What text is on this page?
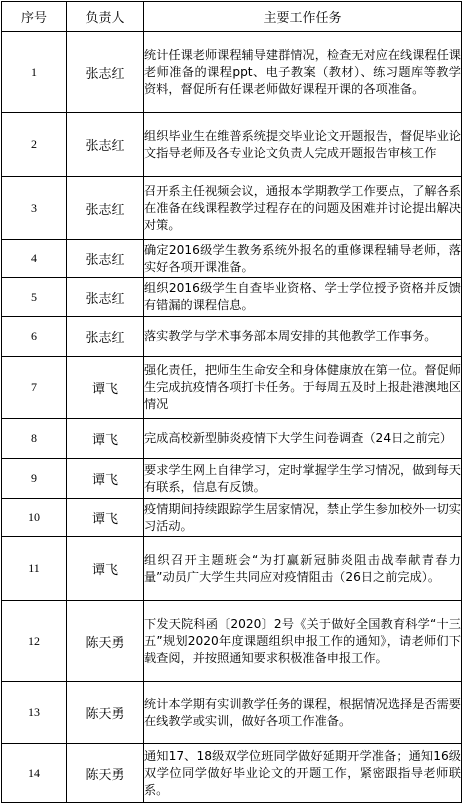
序号	负责人	主要工作任务
1	张志红	统计任课老师课程辅导建群情况，检查无对应在线课程任课老师准备的课程ppt、电子教案（教材）、练习题库等教学资料，督促所有任课老师做好课程开课的各项准备。
2	张志红	组织毕业生在维普系统提交毕业论文开题报告，督促毕业论文指导老师及各专业论文负责人完成开题报告审核工作
3	张志红	召开系主任视频会议，通报本学期教学工作要点，了解各系在准备在线课程教学过程存在的问题及困难并讨论提出解决对策。
4	张志红	确定2016级学生教务系统外报名的重修课程辅导老师，落实好各项开课准备。
5	张志红	组织2016级学生自查毕业资格、学士学位授予资格并反馈有错漏的课程信息。
6	张志红	落实教学与学术事务部本周安排的其他教学工作事务。
7	谭飞	强化责任，把师生生命安全和身体健康放在第一位。督促师生完成抗疫情各项打卡任务。于每周五及时上报赴港澳地区情况
8	谭飞	完成高校新型肺炎疫情下大学生问卷调查（24日之前完）
9	谭飞	要求学生网上自律学习，定时掌握学生学习情况，做到每天有联系，信息有反馈。
10	谭飞	疫情期间持续跟踪学生居家情况，禁止学生参加校外一切实习活动。
11	谭飞	组织召开主题班会“为打赢新冠肺炎阻击战奉献青春力量”动员广大学生共同应对疫情阻击（26日之前完成）。
12	陈天勇	下发天院科函〔2020〕2号《关于做好全国教育科学“十三五”规划2020年度课题组织申报工作的通知》，请老师们下载查阅，并按照通知要求积极准备申报工作。
13	陈天勇	统计本学期有实训教学任务的课程，根据情况选择是否需要在线教学或实训，做好各项工作准备。
14	陈天勇	通知17、18级双学位班同学做好延期开学准备；通知16级双学位同学做好毕业论文的开题工作，紧密跟指导老师联系。
